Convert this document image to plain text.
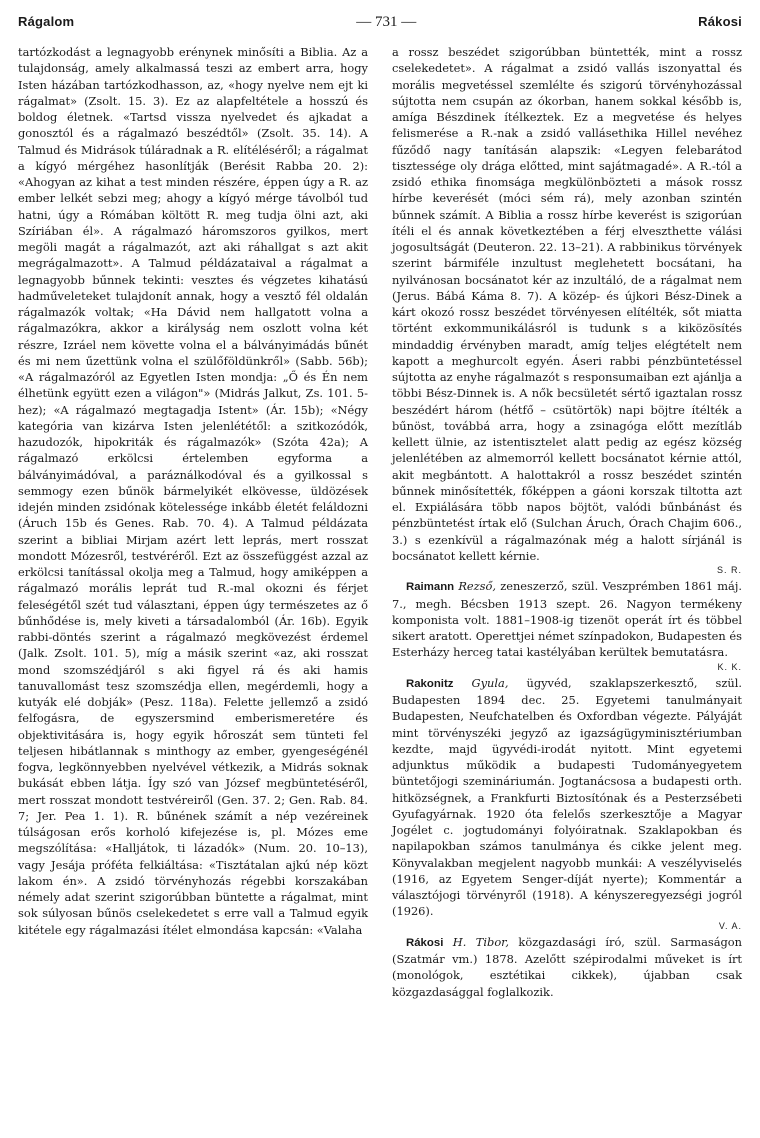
Rágalom	— 731 —	Rákosi

tartózkodást a legnagyobb erénynek minősíti a Biblia. Az a tulajdonság, amely alkalmassá teszi az embert arra, hogy Isten házában tartózkodhasson, az, «hogy nyelve nem ejt ki rágalmat» (Zsolt. 15. 3). Ez az alapfeltétele a hosszú és boldog életnek. «Tartsd vissza nyelvedet és ajkadat a gonosztól és a rágalmazó beszédtől» (Zsolt. 35. 14). A Talmud és Midrások túláradnak a R. elítéléséről; a rágalmat a kígyó mérgéhez hasonlítják (Berésit Rabba 20. 2): «Ahogyan az kihat a test minden részére, éppen úgy a R. az ember lelkét sebzi meg; ahogy a kígyó mérge távolból tud hatni, úgy a Rómában költött R. meg tudja ölni azt, aki Szíriában él». A rágalmazó háromszoros gyilkos, mert megöli magát a rágalmazót, azt aki ráhallgat s azt akit megrágalmazott». A Talmud példázataival a rágalmat a legnagyobb bűnnek tekinti: vesztes és végzetes kihatású hadműveleteket tulajdonít annak, hogy a vesztő fél oldalán rágalmazók voltak; «Ha Dávid nem hallgatott volna a rágalmazókra, akkor a királyság nem oszlott volna két részre, Izráel nem követte volna el a bálványimádás bűnét és mi nem űzettünk volna el szülőföldünkről» (Sabb. 56b); «A rágalmazóról az Egyetlen Isten mondja: „Ő és Én nem élhetünk együtt ezen a világon"» (Midrás Jalkut, Zs. 101. 5-hez); «A rágalmazó megtagadja Istent» (Ár. 15b); «Négy kategória van kizárva Isten jelenlététől: a szitkozódók, hazudozók, hipokriták és rágalmazók» (Szóta 42a); A rágalmazó erkölcsi értelemben egyforma a bálványimádóval, a paráználkodóval és a gyilkossal s semmogy ezen bűnök bármelyikét elkövesse, üldözések idején minden zsidónak kötelessége inkább életét feláldozni (Áruch 15b és Genes. Rab. 70. 4). A Talmud példázata szerint a bibliai Mirjam azért lett leprás, mert rosszat mondott Mózesről, testvéréről. Ezt az összefüggést azzal az erkölcsi tanítással okolja meg a Talmud, hogy amiképpen a rágalmazó morális leprát tud R.-mal okozni és férjet feleségétől szét tud választani, éppen úgy természetes az ő bűnhődése is, mely kiveti a társadalomból (Ár. 16b). Egyik rabbi-döntés szerint a rágalmazó megkövezést érdemel (Jalk. Zsolt. 101. 5), míg a másik szerint «az, aki rosszat mond szomszédjáról s aki figyel rá és aki hamis tanuvallomást tesz szomszédja ellen, megérdemli, hogy a kutyák elé dobják» (Pesz. 118a). Felette jellemző a zsidó felfogásra, de egyszersmind emberismeretére és objektivitására is, hogy egyik hőroszát sem tünteti fel teljesen hibátlannak s minthogy az ember, gyengeségénél fogva, legkönnyebben nyelvével vétkezik, a Midrás soknak bukását ebben látja. Így szó van József megbüntetéséről, mert rosszat mondott testvéreiről (Gen. 37. 2; Gen. Rab. 84. 7; Jer. Pea 1. 1). R. bűnének számít a nép vezéreinek túlságosan erős korholó kifejezése is, pl. Mózes eme megszólítása: «Halljátok, ti lázadók» (Num. 20. 10–13), vagy Jesája próféta felkiáltása: «Tisztátalan ajkú nép közt lakom én». A zsidó törvényhozás régebbi korszakában némely adat szerint szigorúbban büntette a rágalmat, mint sok súlyosan bűnös cselekedetet s erre vall a Talmud egyik kitétele egy rágalmazási ítélet elmondása kapcsán: «Valaha

a rossz beszédet szigorúbban büntették, mint a rossz cselekedetet». A rágalmat a zsidó vallás iszonyattal és morális megvetéssel szemlélte és szigorú törvényhozással sújtotta nem csupán az ókorban, hanem sokkal később is, amíga Bészdinek ítélkeztek. Ez a megvetése és helyes felismerése a R.-nak a zsidó vallásethika Hillel nevéhez fűződő nagy tanításán alapszik: «Legyen felebarátod tisztessége oly drága előtted, mint sajátmagadé». A R.-tól a zsidó ethika finomsága megkülönbözteti a mások rossz hírbe keverését (móci sém rá), mely azonban szintén bűnnek számít. A Biblia a rossz hírbe keverést is szigorúan ítéli el és annak következtében a férj elveszthette válási jogosultságát (Deuteron. 22. 13–21). A rabbinikus törvények szerint bármiféle inzultust meglehetett bocsátani, ha nyilvánosan bocsánatot kér az inzultáló, de a rágalmat nem (Jerus. Bábá Káma 8. 7). A közép- és újkori Bész-Dinek a kárt okozó rossz beszédet törvényesen elítélték, sőt miatta történt exkommunikálásról is tudunk s a kiközösítés mindaddig érvényben maradt, amíg teljes elégtételt nem kapott a meghurcolt egyén. Áseri rabbi pénzbüntetéssel sújtotta az enyhe rágalmazót s responsumaiban ezt ajánlja a többi Bész-Dinnek is. A nők becsületét sértő igaztalan rossz beszédért három (hétfő – csütörtök) napi böjtre ítélték a bűnöst, továbbá arra, hogy a zsinagóga előtt mezítláb kellett ülnie, az istentisztelet alatt pedig az egész község jelenlétében az almemorról kellett bocsánatot kérnie attól, akit megbántott. A halottakról a rossz beszédet szintén bűnnek minősítették, főképpen a gáoni korszak tiltotta azt el. Expiálására több napos böjtöt, valódi bűnbánást és pénzbüntetést írtak elő (Sulchan Áruch, Órach Chajim 606., 3.) s ezenkívül a rágalmazónak még a halott sírjánál is bocsánatot kellett kérnie.

S. R.

Raimann Rezső, zeneszerző, szül. Veszprémben 1861 máj. 7., megh. Bécsben 1913 szept. 26. Nagyon termékeny komponista volt. 1881–1908-ig tizenöt operát írt és többel sikert aratott. Operettjei német színpadokon, Budapesten és Esterházy herceg tatai kastélyában kerültek bemutatásra.

K. K.

Rakonitz Gyula, ügyvéd, szaklapszerkesztő, szül. Budapesten 1894 dec. 25. Egyetemi tanulmányait Budapesten, Neufchatelben és Oxfordban végezte. Pályáját mint törvényszéki jegyző az igazságügyminisztériumban kezdte, majd ügyvédi-irodát nyitott. Mint egyetemi adjunktus működik a budapesti Tudományegyetem büntetőjogi szemináriumán. Jogtanácsosa a budapesti orth. hitközségnek, a Frankfurti Biztosítónak és a Pesterzsébeti Gyufagyárnak. 1920 óta felelős szerkesztője a Magyar Jogélet c. jogtudományi folyóiratnak. Szaklapokban és napilapokban számos tanulmánya és cikke jelent meg. Könyvalakban megjelent nagyobb munkái: A veszélyviselés (1916, az Egyetem Senger-díját nyerte); Kommentár a választójogi törvényről (1918). A kényszeregyezségi jogról (1926).

V. A.

Rákosi H. Tibor, közgazdasági író, szül. Sarmaságon (Szatmár vm.) 1878. Azelőtt szépirodalmi műveket is írt (monológok, esztétikai cikkek), újabban csak közgazdasággal foglalkozik.
